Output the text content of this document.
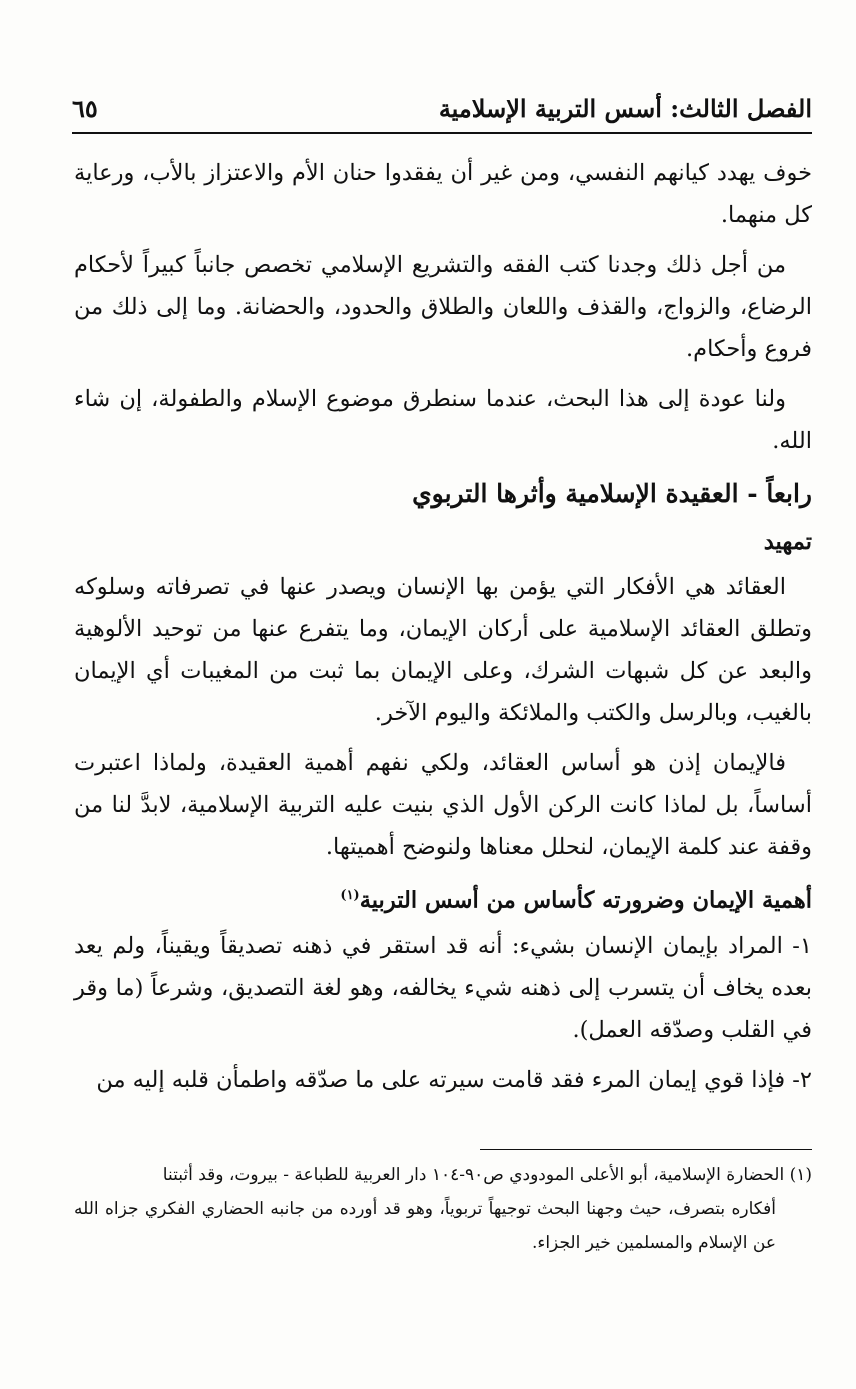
الفصل الثالث: أسس التربية الإسلامية
٦٥

خوف يهدد كيانهم النفسي، ومن غير أن يفقدوا حنان الأم والاعتزاز بالأب، ورعاية كل منهما.

من أجل ذلك وجدنا كتب الفقه والتشريع الإسلامي تخصص جانباً كبيراً لأحكام الرضاع، والزواج، والقذف واللعان والطلاق والحدود، والحضانة. وما إلى ذلك من فروع وأحكام.

ولنا عودة إلى هذا البحث، عندما سنطرق موضوع الإسلام والطفولة، إن شاء الله.

رابعاً - العقيدة الإسلامية وأثرها التربوي
تمهيد

العقائد هي الأفكار التي يؤمن بها الإنسان ويصدر عنها في تصرفاته وسلوكه وتطلق العقائد الإسلامية على أركان الإيمان، وما يتفرع عنها من توحيد الألوهية والبعد عن كل شبهات الشرك، وعلى الإيمان بما ثبت من المغيبات أي الإيمان بالغيب، وبالرسل والكتب والملائكة واليوم الآخر.

فالإيمان إذن هو أساس العقائد، ولكي نفهم أهمية العقيدة، ولماذا اعتبرت أساساً، بل لماذا كانت الركن الأول الذي بنيت عليه التربية الإسلامية، لابدَّ لنا من وقفة عند كلمة الإيمان، لنحلل معناها ولنوضح أهميتها.

أهمية الإيمان وضرورته كأساس من أسس التربية$^{(١)}$

١- المراد بإيمان الإنسان بشيء: أنه قد استقر في ذهنه تصديقاً ويقيناً، ولم يعد بعده يخاف أن يتسرب إلى ذهنه شيء يخالفه، وهو لغة التصديق، وشرعاً (ما وقر في القلب وصدّقه العمل).

٢- فإذا قوي إيمان المرء فقد قامت سيرته على ما صدّقه واطمأن قلبه إليه من

(١) الحضارة الإسلامية، أبو الأعلى المودودي ص٩٠-١٠٤ دار العربية للطباعة - بيروت، وقد أثبتنا
أفكاره بتصرف، حيث وجهنا البحث توجيهاً تربوياً، وهو قد أورده من جانبه الحضاري الفكري جزاه الله عن الإسلام والمسلمين خير الجزاء.
